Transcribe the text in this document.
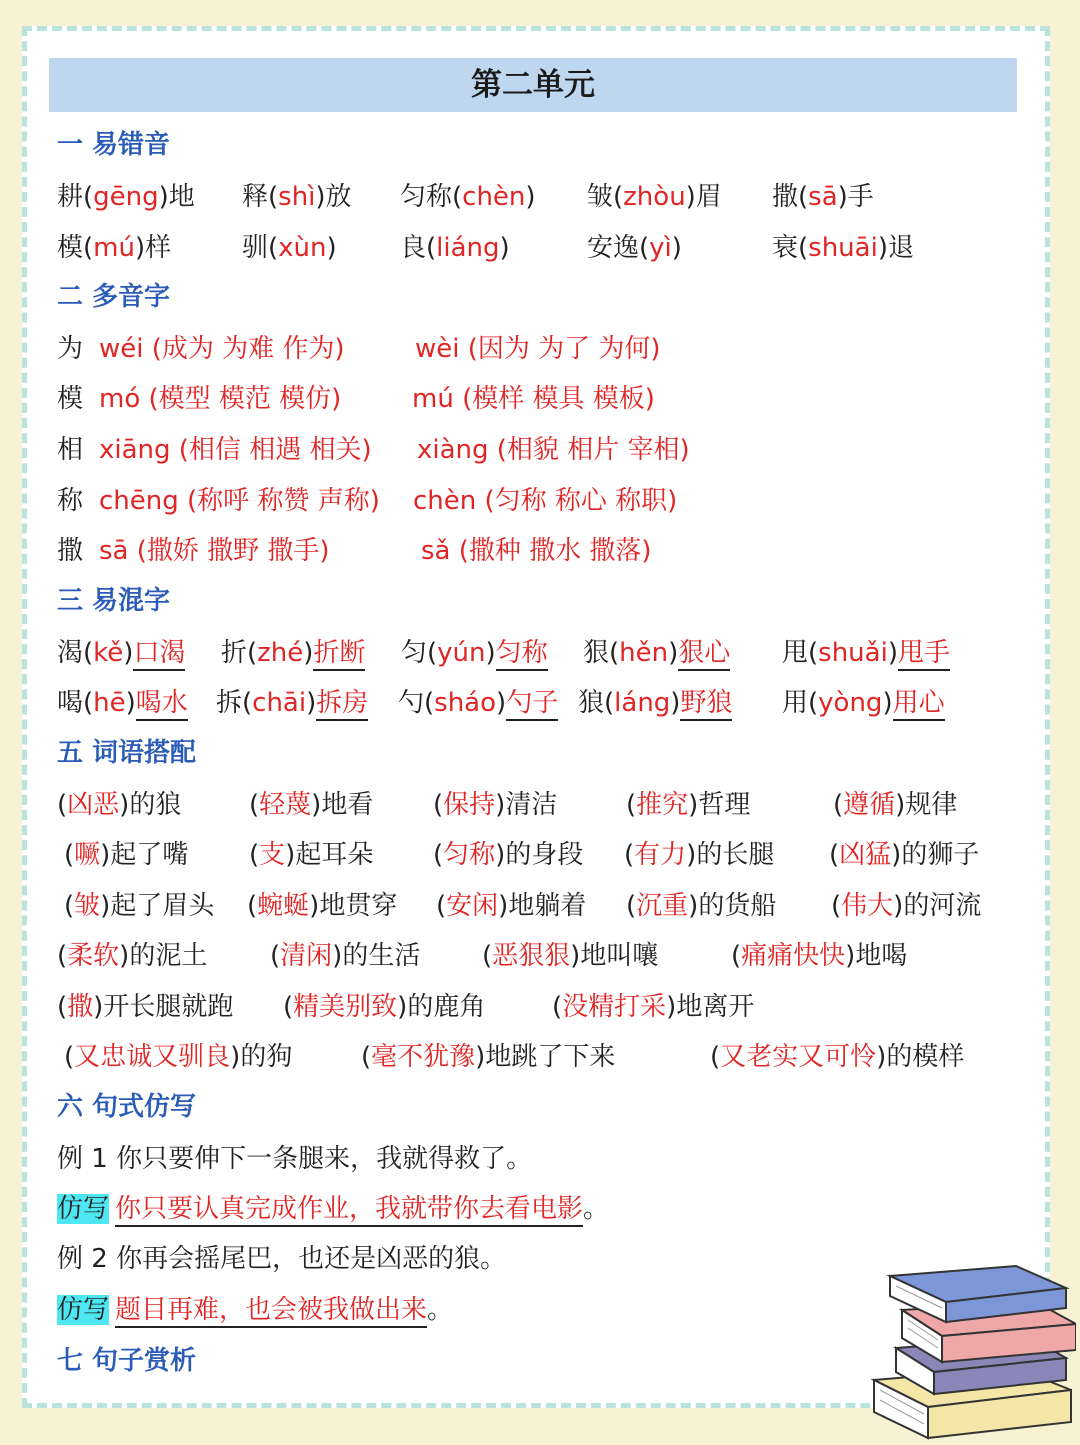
第二单元
一 易错音
耕(gēng)地 释(shì)放 匀称(chèn) 皱(zhòu)眉 撒(sā)手
模(mú)样	驯(xùn) 良(liáng)	安逸(yì)	衰(shuāi)退
二 多音字
为 wéi (成为 为难 作为)	wèi (因为 为了 为何)
模 mó (模型 模范 模仿)	mú (模样 模具 模板)
相 xiāng (相信 相遇 相关) xiàng (相貌 相片 宰相)
称 chēng (称呼 称赞 声称) chèn (匀称 称心 称职)
撒 sā (撒娇 撒野 撒手)	sǎ (撒种 撒水 撒落)
三 易混字
渴(kě)口渴 折(zhé)折断 匀(yún)匀称 狠(hěn)狠心 甩(shuǎi)甩手
喝(hē)喝水 拆(chāi)拆房 勺(sháo)勺子 狼(láng)野狼 用(yòng)用心
五 词语搭配
(凶恶)的狼	(轻蔑)地看 (保持)清洁	(推究)哲理	(遵循)规律
(噘)起了嘴 (支)起耳朵 (匀称)的身段 (有力)的长腿 (凶猛)的狮子
(皱)起了眉头 (蜿蜒)地贯穿 (安闲)地躺着 (沉重)的货船 (伟大)的河流
(柔软)的泥土 (清闲)的生活 (恶狠狠)地叫嚷	(痛痛快快)地喝
(撒)开长腿就跑 (精美别致)的鹿角	(没精打采)地离开
(又忠诚又驯良)的狗	(毫不犹豫)地跳了下来	(又老实又可怜)的模样
六 句式仿写
例 1 你只要伸下一条腿来，我就得救了。
仿写 你只要认真完成作业，我就带你去看电影。
例 2 你再会摇尾巴，也还是凶恶的狼。
仿写 题目再难，也会被我做出来。
七 句子赏析
